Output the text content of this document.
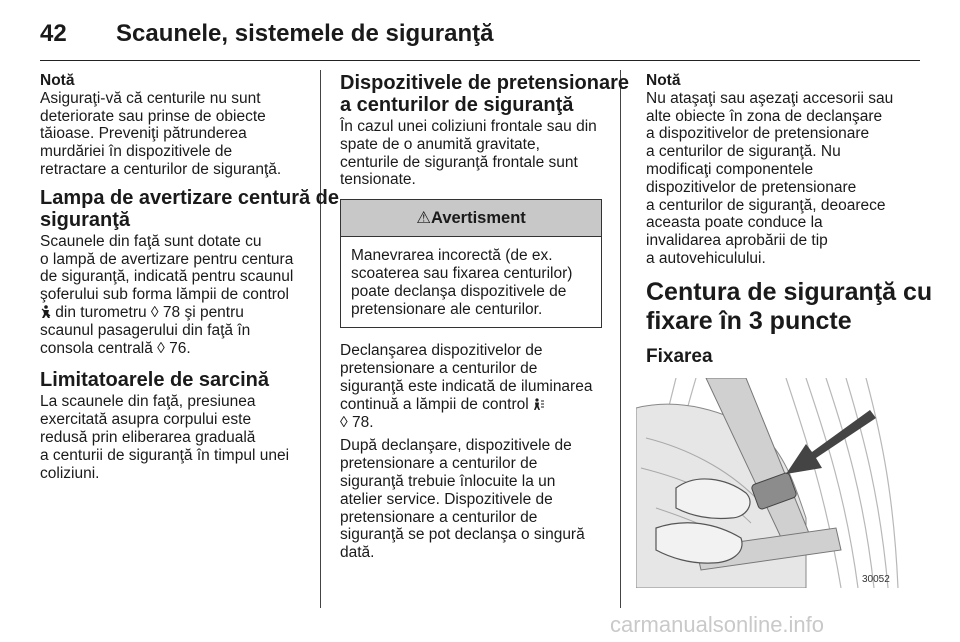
42 Scaunele, sistemele de siguranţă

Notă
Asiguraţi-vă că centurile nu sunt
deteriorate sau prinse de obiecte
tăioase. Preveniţi pătrunderea
murdăriei în dispozitivele de
retractare a centurilor de siguranţă.

Lampa de avertizare centură de
siguranţă

Scaunele din faţă sunt dotate cu
o lampă de avertizare pentru centura
de siguranţă, indicată pentru scaunul
şoferului sub forma lămpii de control
din turometru ◊ 78 şi pentru
scaunul pasagerului din faţă în
consola centrală ◊ 76.

Limitatoarele de sarcină

La scaunele din faţă, presiunea
exercitată asupra corpului este
redusă prin eliberarea graduală
a centurii de siguranţă în timpul unei
coliziuni.

Dispozitivele de pretensionare
a centurilor de siguranţă

În cazul unei coliziuni frontale sau din
spate de o anumită gravitate,
centurile de siguranţă frontale sunt
tensionate.

⚠Avertisment
Manevrarea incorectă (de ex.
scoaterea sau fixarea centurilor)
poate declanşa dispozitivele de
pretensionare ale centurilor.

Declanşarea dispozitivelor de
pretensionare a centurilor de
siguranţă este indicată de iluminarea
continuă a lămpii de control
◊ 78.

După declanşare, dispozitivele de
pretensionare a centurilor de
siguranţă trebuie înlocuite la un
atelier service. Dispozitivele de
pretensionare a centurilor de
siguranţă se pot declanşa o singură
dată.

Notă
Nu ataşaţi sau aşezaţi accesorii sau
alte obiecte în zona de declanşare
a dispozitivelor de pretensionare
a centurilor de siguranţă. Nu
modificaţi componentele
dispozitivelor de pretensionare
a centurilor de siguranţă, deoarece
aceasta poate conduce la
invalidarea aprobării de tip
a autovehiculului.

Centura de siguranţă cu
fixare în 3 puncte
Fixarea
30052
carmanualsonline.info
